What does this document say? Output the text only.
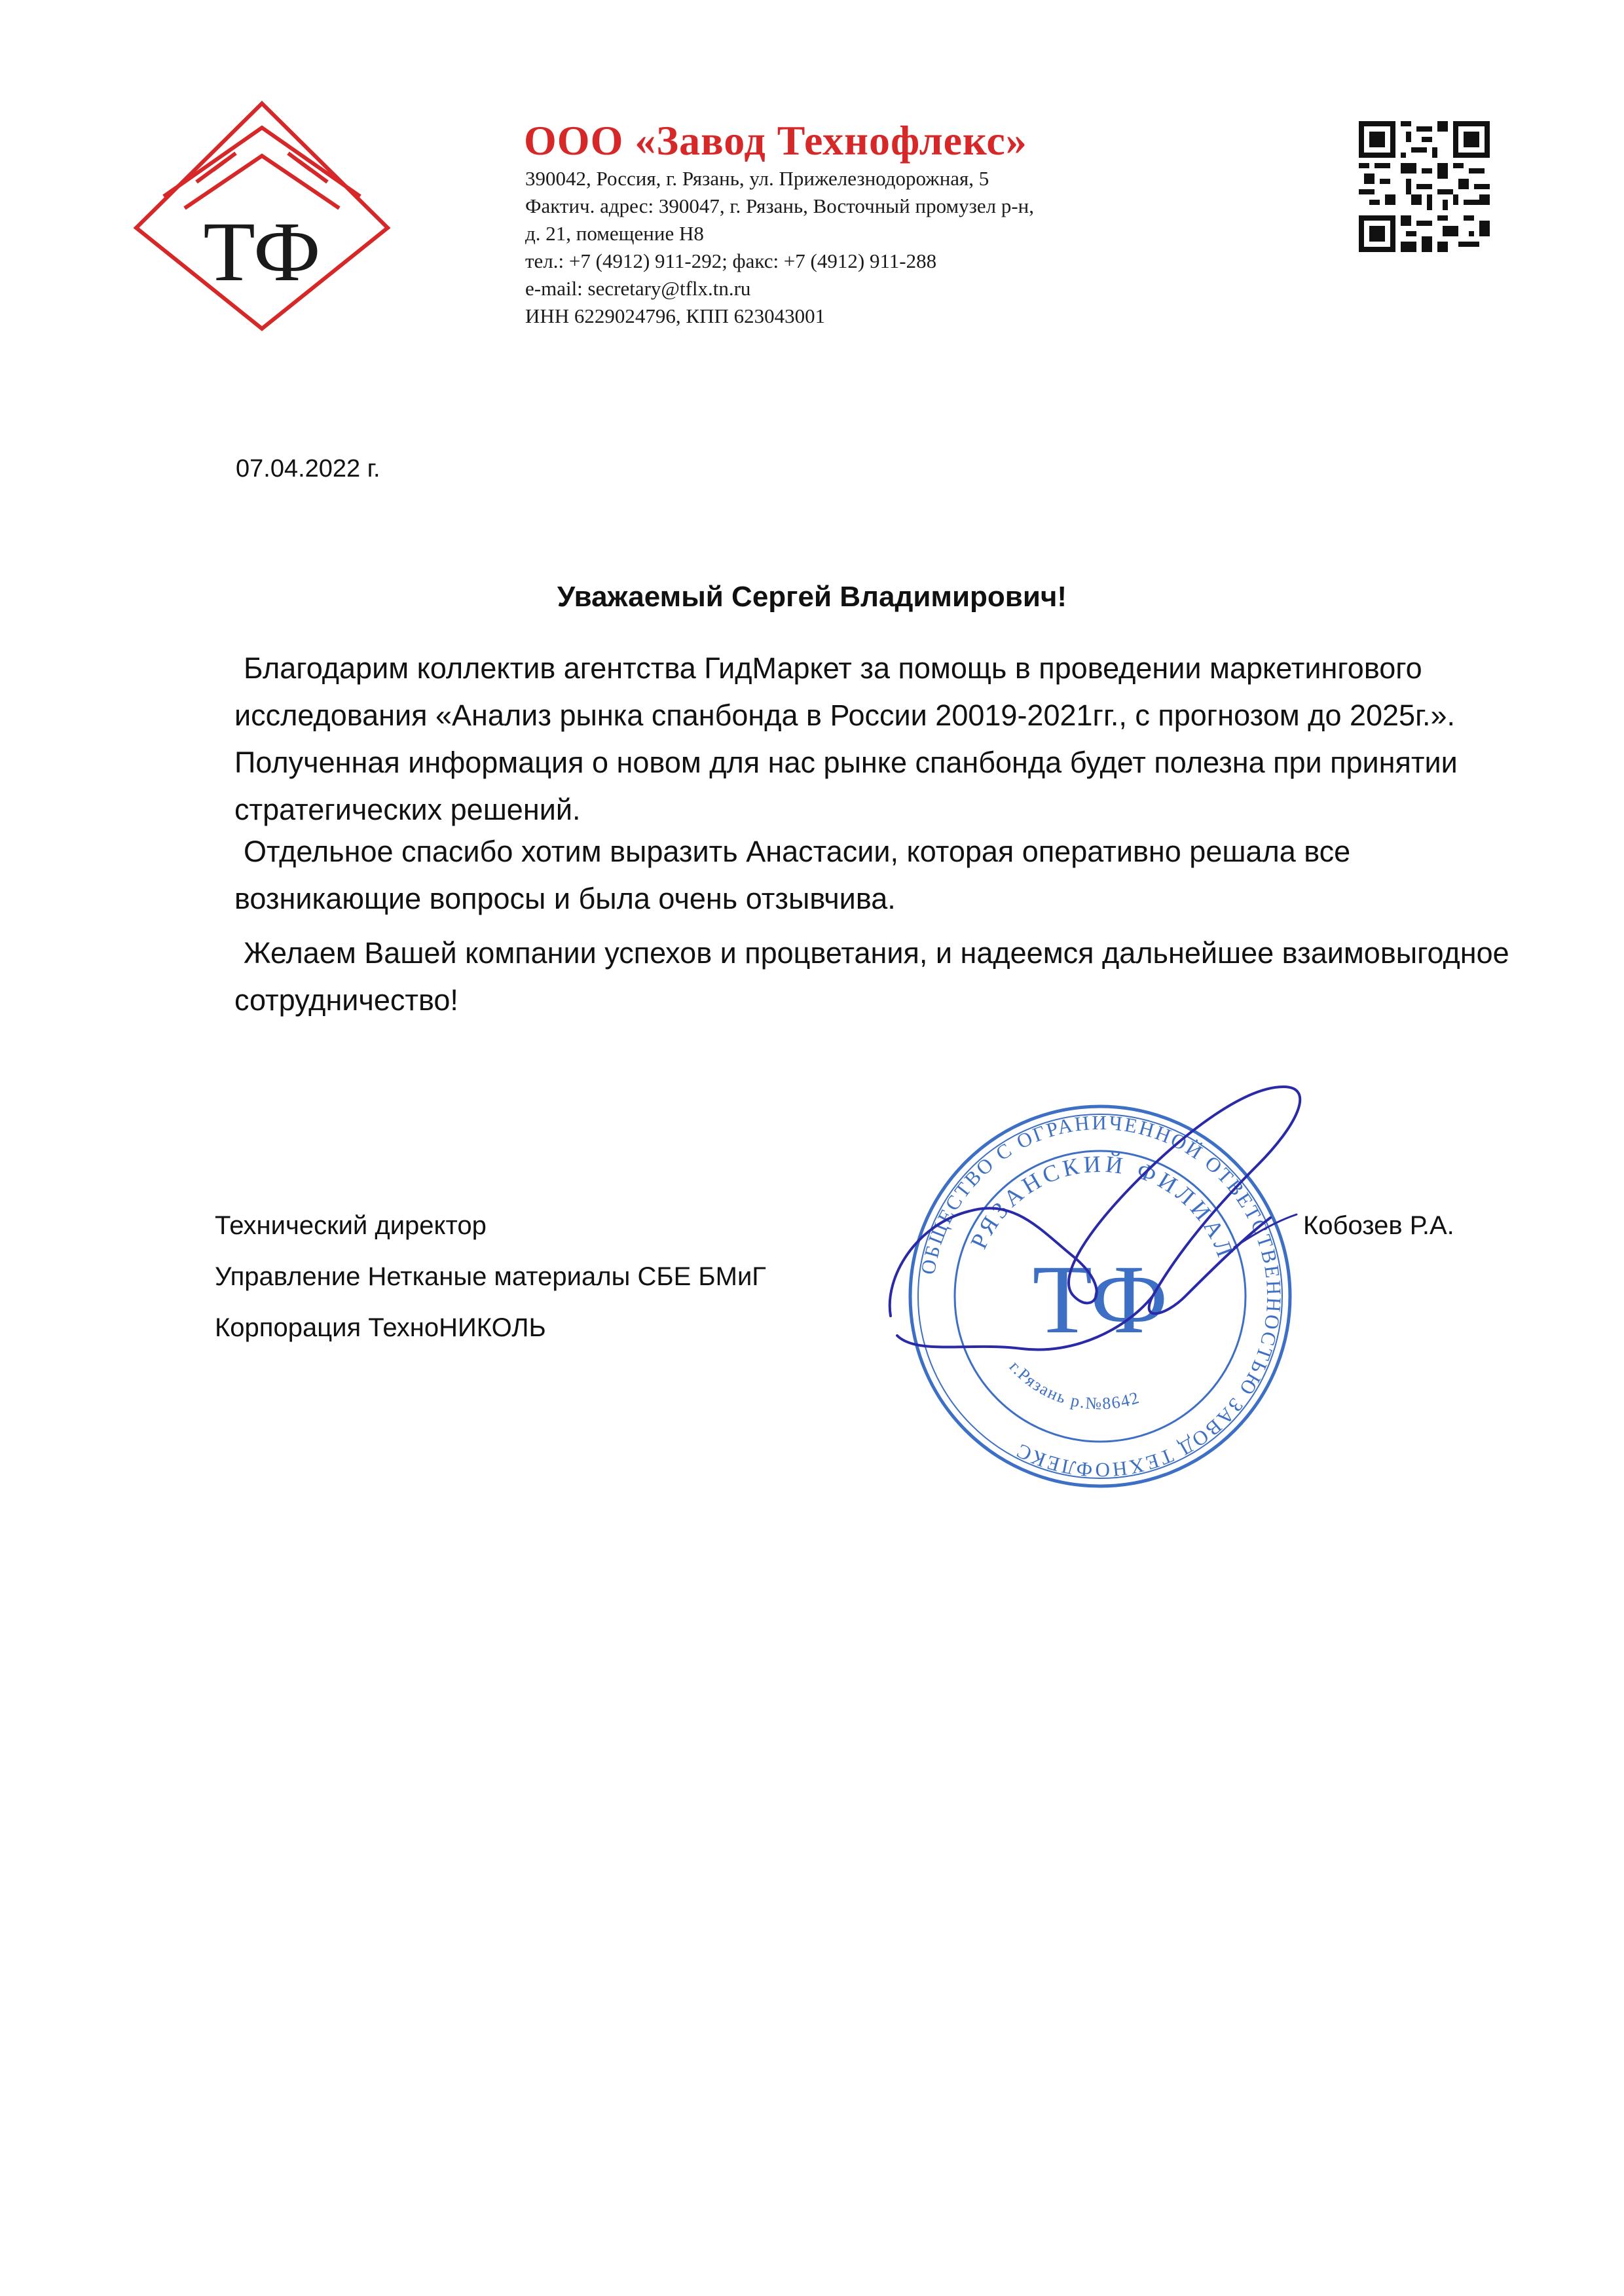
ТФ
ООО «Завод Технофлекс»
390042, Россия, г. Рязань, ул. Прижелезнодорожная, 5
Фактич. адрес: 390047, г. Рязань, Восточный промузел р-н,
д. 21, помещение Н8
тел.: +7 (4912) 911-292; факс: +7 (4912) 911-288
e-mail: secretary@tflx.tn.ru
ИНН 6229024796, КПП 623043001
07.04.2022 г.
Уважаемый Сергей Владимирович!
Благодарим коллектив агентства ГидМаркет за помощь в проведении маркетингового исследования «Анализ рынка спанбонда в России 20019-2021гг., с прогнозом до 2025г.». Полученная информация о новом для нас рынке спанбонда будет полезна при принятии стратегических решений.
Отдельное спасибо хотим выразить Анастасии, которая оперативно решала все возникающие вопросы и была очень отзывчива.
Желаем Вашей компании успехов и процветания, и надеемся дальнейшее взаимовыгодное сотрудничество!
Технический директор
Управление Нетканые материалы СБЕ БМиГ
Корпорация ТехноНИКОЛЬ
Кобозев Р.А.
ОБЩЕСТВО С ОГРАНИЧЕННОЙ ОТВЕТСТВЕННОСТЬЮ ЗАВОД ТЕХНОФЛЕКС
РЯЗАНСКИЙ ФИЛИАЛ
г.Рязань р.№8642
ТФ
